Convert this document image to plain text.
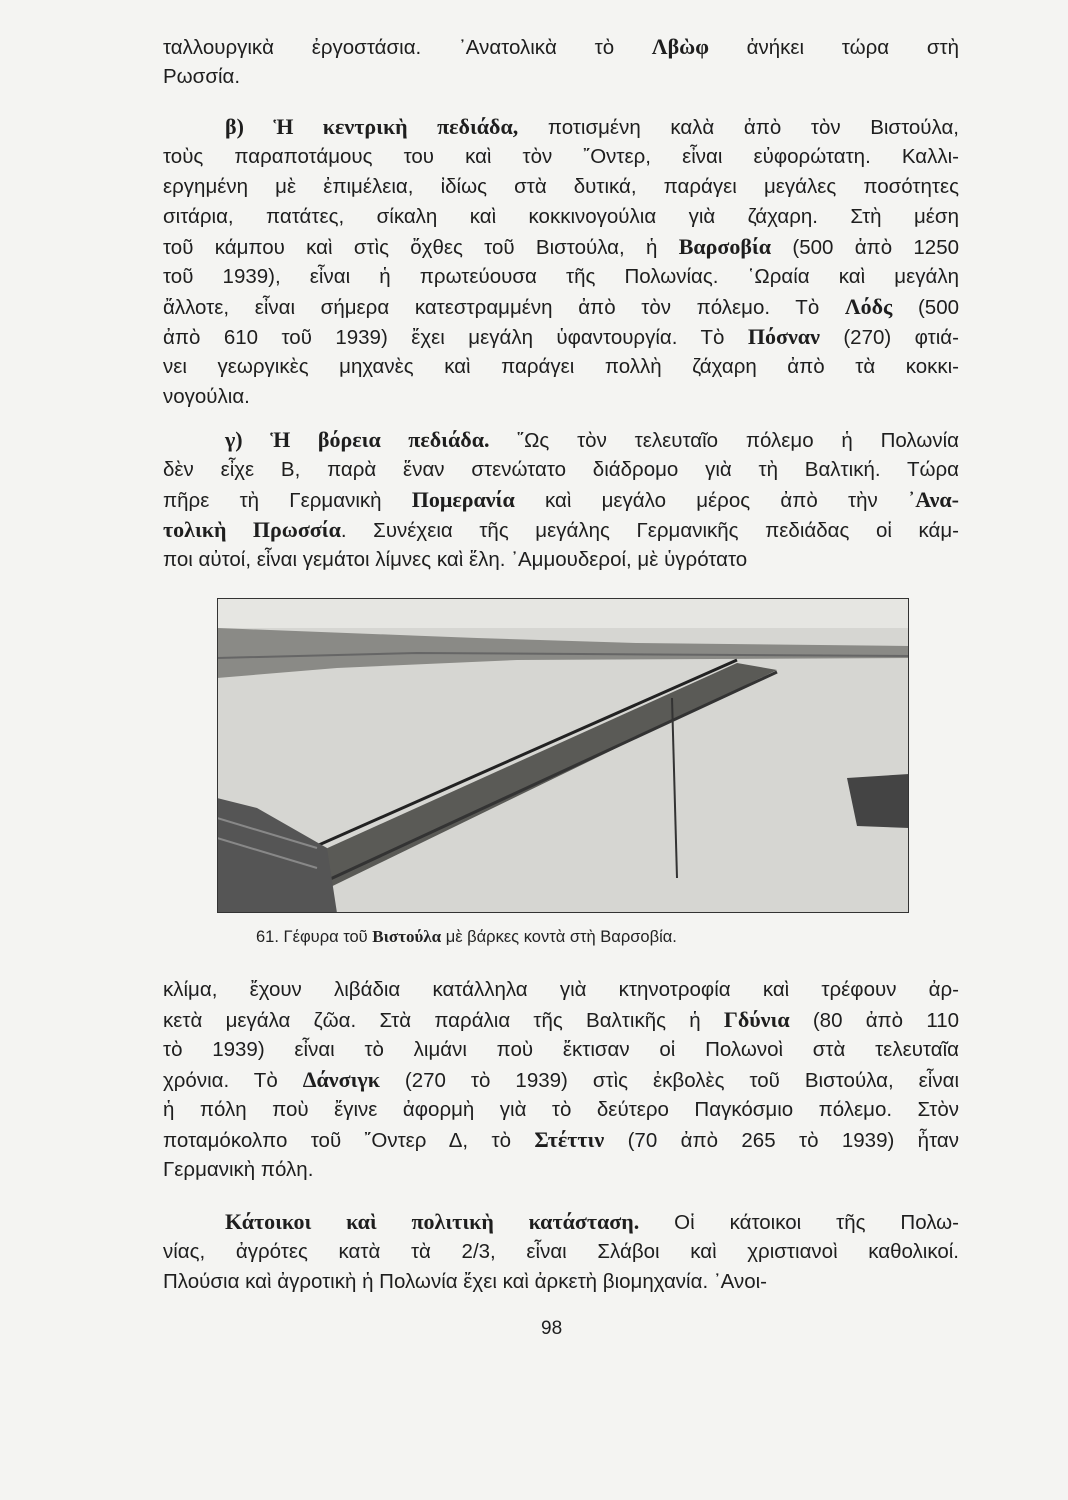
ταλλουργικὰ ἐργοστάσια. ᾿Ανατολικὰ τὸ Λβὼφ ἀνήκει τώρα στὴ
Ρωσσία.
β) Ἡ κεντρικὴ πεδιάδα, ποτισμένη καλὰ ἀπὸ τὸν Βιστούλα,
τοὺς παραποτάμους του καὶ τὸν ῎Οντερ, εἶναι εὐφορώτατη. Καλλι-
εργημένη μὲ ἐπιμέλεια, ἰδίως στὰ δυτικά, παράγει μεγάλες ποσότητες
σιτάρια, πατάτες, σίκαλη καὶ κοκκινογούλια γιὰ ζάχαρη. Στὴ μέση
τοῦ κάμπου καὶ στὶς ὄχθες τοῦ Βιστούλα, ἡ Βαρσοβία (500 ἀπὸ 1250
τοῦ 1939), εἶναι ἡ πρωτεύουσα τῆς Πολωνίας. ῾Ωραία καὶ μεγάλη
ἄλλοτε, εἶναι σήμερα κατεστραμμένη ἀπὸ τὸν πόλεμο. Τὸ Λόδς (500
ἀπὸ 610 τοῦ 1939) ἔχει μεγάλη ὑφαντουργία. Τὸ Πόσναν (270) φτιά-
νει γεωργικὲς μηχανὲς καὶ παράγει πολλὴ ζάχαρη ἀπὸ τὰ κοκκι-
νογούλια.
γ) Ἡ βόρεια πεδιάδα. ῞Ως τὸν τελευταῖο πόλεμο ἡ Πολωνία
δὲν εἶχε Β, παρὰ ἕναν στενώτατο διάδρομο γιὰ τὴ Βαλτική. Τώρα
πῆρε τὴ Γερμανικὴ Πομερανία καὶ μεγάλο μέρος ἀπὸ τὴν ᾿Ανα-
τολικὴ Πρωσσία. Συνέχεια τῆς μεγάλης Γερμανικῆς πεδιάδας οἱ κάμ-
ποι αὐτοί, εἶναι γεμάτοι λίμνες καὶ ἕλη. ᾿Αμμουδεροί, μὲ ὑγρότατο
61. Γέφυρα τοῦ Βιστούλα μὲ βάρκες κοντὰ στὴ Βαρσοβία.
κλίμα, ἔχουν λιβάδια κατάλληλα γιὰ κτηνοτροφία καὶ τρέφουν ἀρ-
κετὰ μεγάλα ζῶα. Στὰ παράλια τῆς Βαλτικῆς ἡ Γδύνια (80 ἀπὸ 110
τὸ 1939) εἶναι τὸ λιμάνι ποὺ ἔκτισαν οἱ Πολωνοὶ στὰ τελευταῖα
χρόνια. Τὸ Δάνσιγκ (270 τὸ 1939) στὶς ἐκβολὲς τοῦ Βιστούλα, εἶναι
ἡ πόλη ποὺ ἔγινε ἀφορμὴ γιὰ τὸ δεύτερο Παγκόσμιο πόλεμο. Στὸν
ποταμόκολπο τοῦ ῎Οντερ Δ, τὸ Στέττιν (70 ἀπὸ 265 τὸ 1939) ἦταν
Γερμανικὴ πόλη.
Κάτοικοι καὶ πολιτικὴ κατάσταση. Οἱ κάτοικοι τῆς Πολω-
νίας, ἀγρότες κατὰ τὰ 2/3, εἶναι Σλάβοι καὶ χριστιανοὶ καθολικοί.
Πλούσια καὶ ἀγροτικὴ ἡ Πολωνία ἔχει καὶ ἀρκετὴ βιομηχανία. ᾿Ανοι-
98
